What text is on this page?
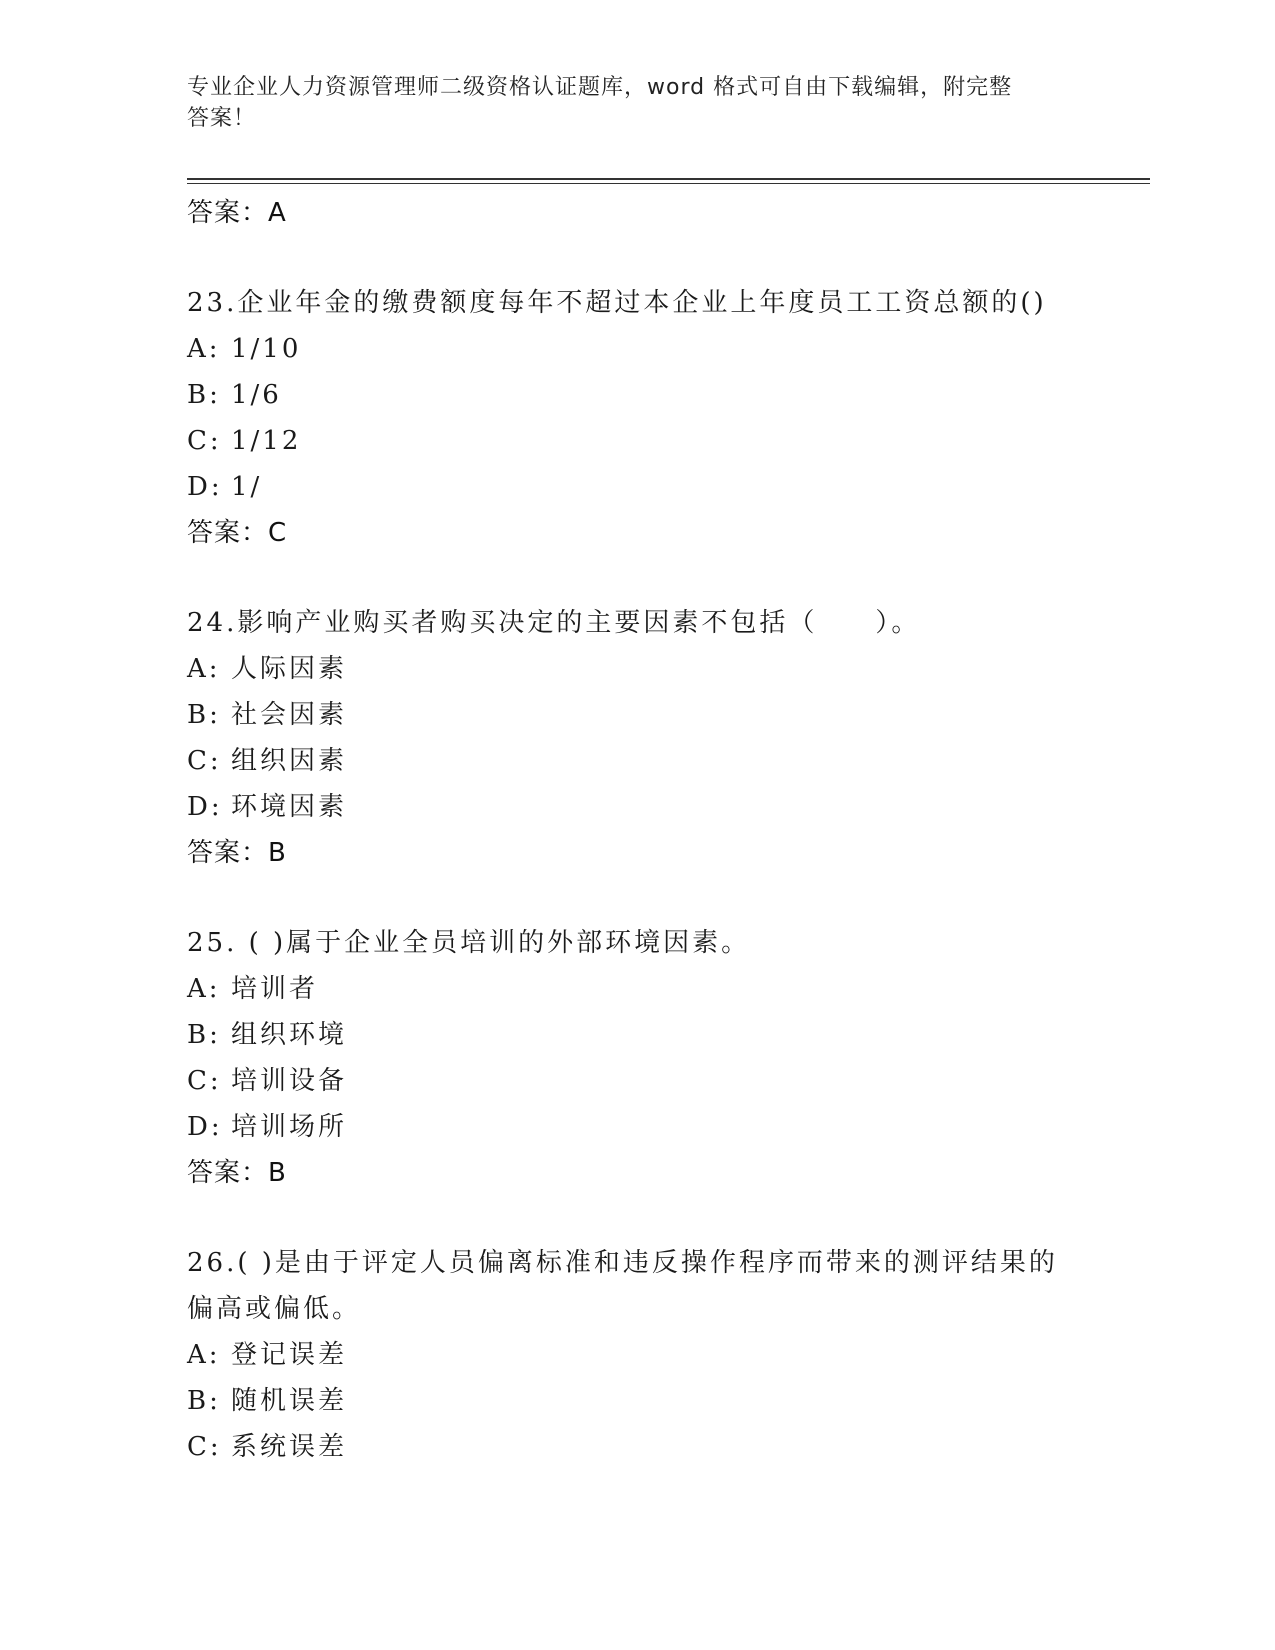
专业企业人力资源管理师二级资格认证题库，word 格式可自由下载编辑，附完整
答案！
答案：A
23.企业年金的缴费额度每年不超过本企业上年度员工工资总额的()
A: 1/10
B: 1/6
C: 1/12
D: 1/
答案：C
24.影响产业购买者购买决定的主要因素不包括（　　）。
A: 人际因素
B: 社会因素
C: 组织因素
D: 环境因素
答案：B
25. ( )属于企业全员培训的外部环境因素。
A: 培训者
B: 组织环境
C: 培训设备
D: 培训场所
答案：B
26.( )是由于评定人员偏离标准和违反操作程序而带来的测评结果的
偏高或偏低。
A: 登记误差
B: 随机误差
C: 系统误差
